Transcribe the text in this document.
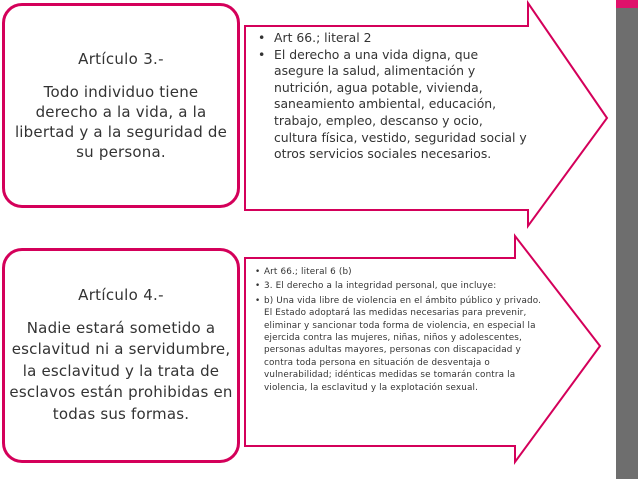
Artículo 3.-
Todo individuo tiene derecho a la vida, a la libertad y a la seguridad de su persona.
• Art 66.; literal 2
• El derecho a una vida digna, que asegure la salud, alimentación y nutrición, agua potable, vivienda, saneamiento ambiental, educación, trabajo, empleo, descanso y ocio, cultura física, vestido, seguridad social y otros servicios sociales necesarios.
Artículo 4.-
Nadie estará sometido a esclavitud ni a servidumbre, la esclavitud y la trata de esclavos están prohibidas en todas sus formas.
• Art 66.; literal 6 (b)
• 3. El derecho a la integridad personal, que incluye:
• b) Una vida libre de violencia en el ámbito público y privado. El Estado adoptará las medidas necesarias para prevenir, eliminar y sancionar toda forma de violencia, en especial la ejercida contra las mujeres, niñas, niños y adolescentes, personas adultas mayores, personas con discapacidad y contra toda persona en situación de desventaja o vulnerabilidad; idénticas medidas se tomarán contra la violencia, la esclavitud y la explotación sexual.
